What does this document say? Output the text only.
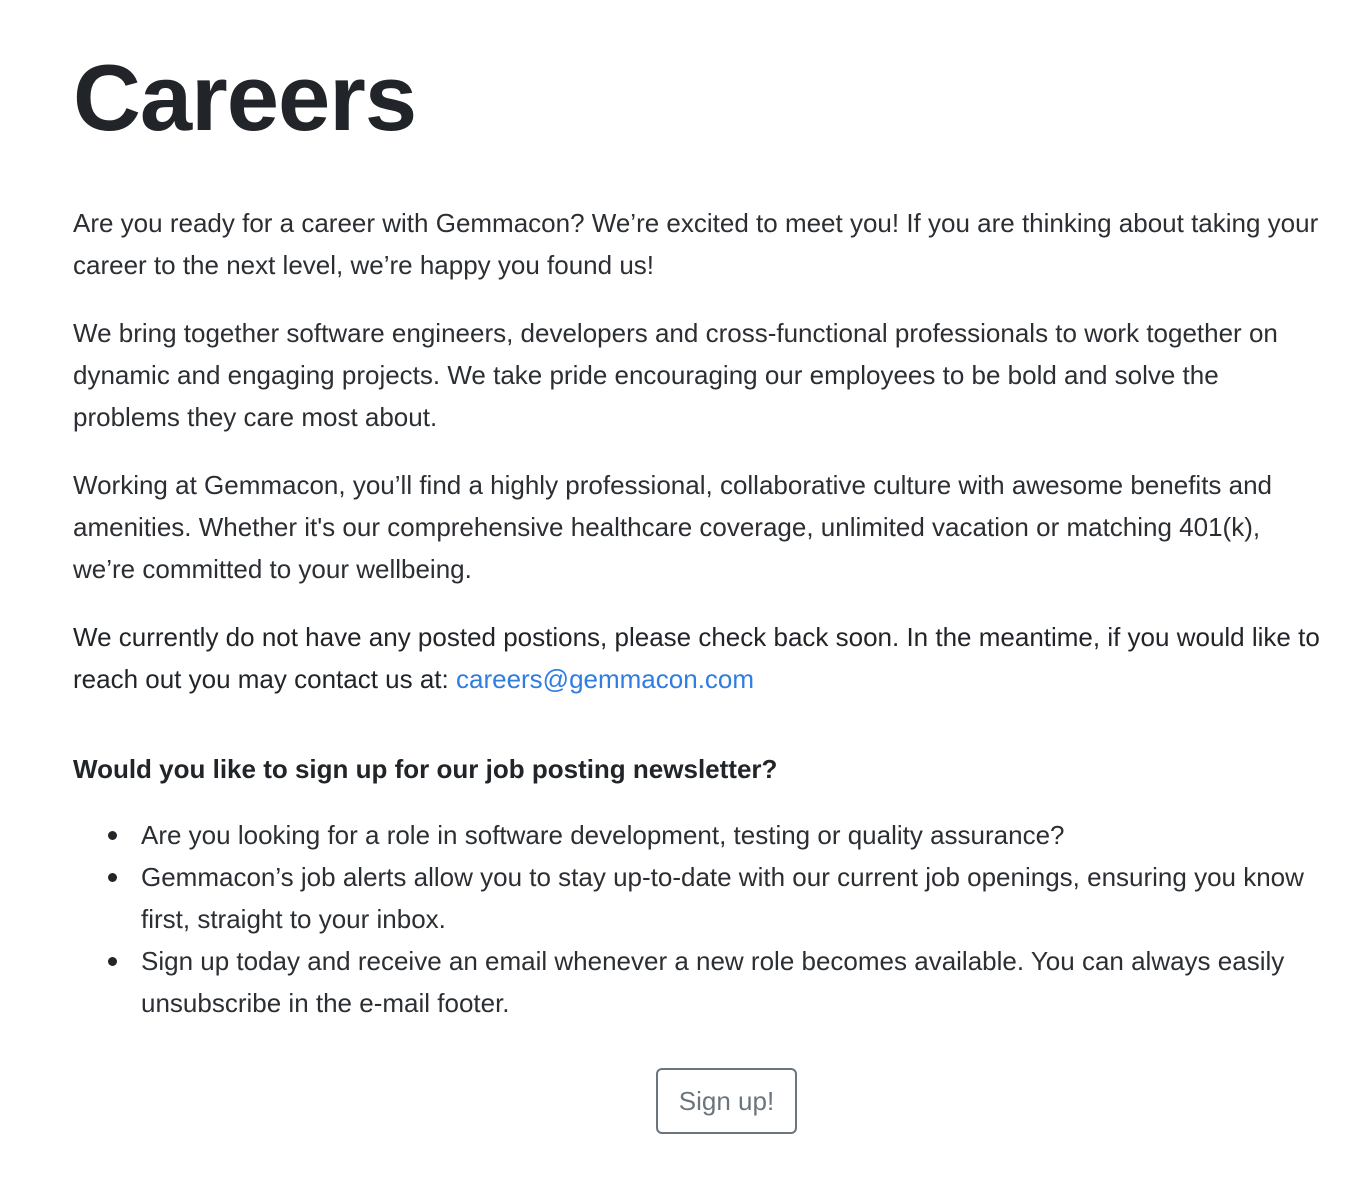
Careers

Are you ready for a career with Gemmacon? We’re excited to meet you! If you are thinking about taking your career to the next level, we’re happy you found us!

We bring together software engineers, developers and cross-functional professionals to work together on dynamic and engaging projects. We take pride encouraging our employees to be bold and solve the problems they care most about.

Working at Gemmacon, you’ll find a highly professional, collaborative culture with awesome benefits and amenities. Whether it's our comprehensive healthcare coverage, unlimited vacation or matching 401(k), we’re committed to your wellbeing.

We currently do not have any posted postions, please check back soon. In the meantime, if you would like to reach out you may contact us at: careers@gemmacon.com

Would you like to sign up for our job posting newsletter?
Are you looking for a role in software development, testing or quality assurance?
Gemmacon’s job alerts allow you to stay up-to-date with our current job openings, ensuring you know first, straight to your inbox.
Sign up today and receive an email whenever a new role becomes available. You can always easily unsubscribe in the e-mail footer.
Sign up!
